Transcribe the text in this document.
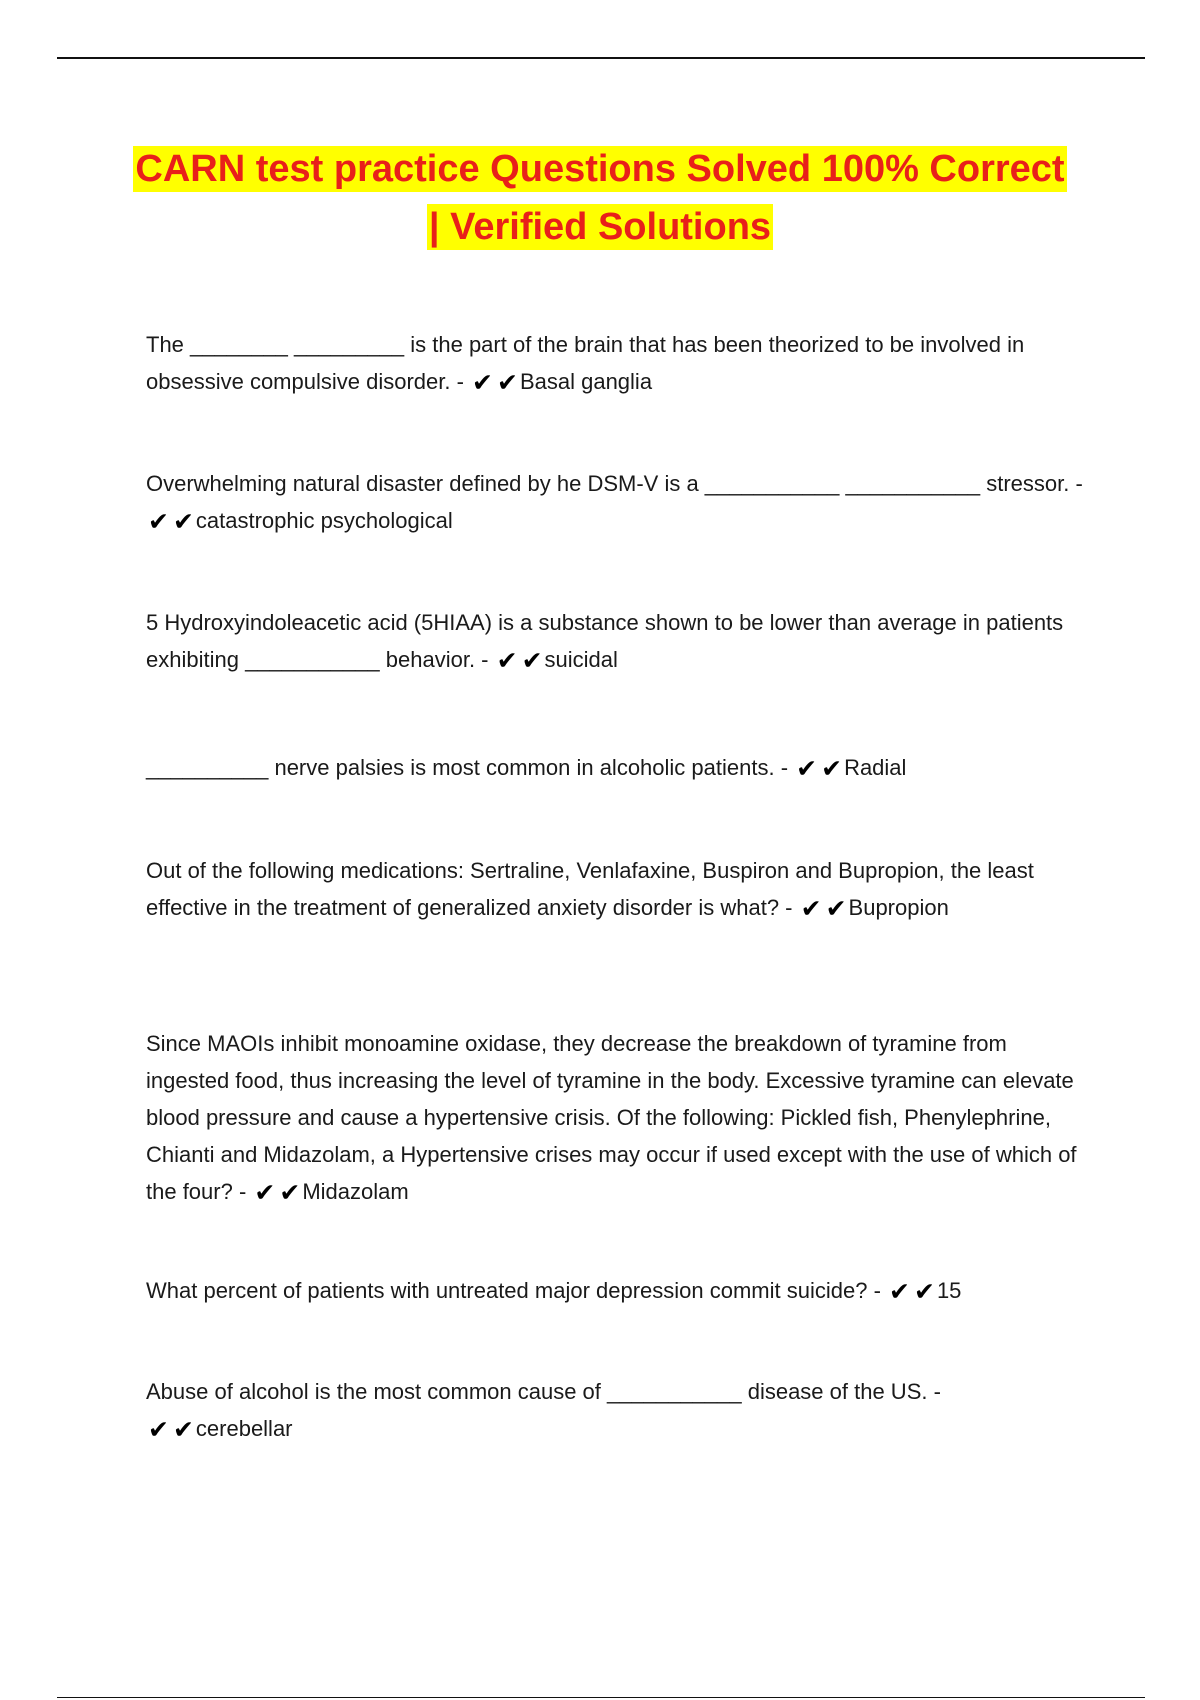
CARN test practice Questions Solved 100% Correct
| Verified Solutions

The ________ _________ is the part of the brain that has been theorized to be involved in obsessive compulsive disorder. - ✔ ✔Basal ganglia

Overwhelming natural disaster defined by he DSM-V is a ___________ ___________ stressor. - ✔ ✔catastrophic psychological

5 Hydroxyindoleacetic acid (5HIAA) is a substance shown to be lower than average in patients exhibiting ___________ behavior. - ✔ ✔suicidal

__________ nerve palsies is most common in alcoholic patients. - ✔ ✔Radial

Out of the following medications: Sertraline, Venlafaxine, Buspiron and Bupropion, the least effective in the treatment of generalized anxiety disorder is what? - ✔ ✔Bupropion

Since MAOIs inhibit monoamine oxidase, they decrease the breakdown of tyramine from ingested food, thus increasing the level of tyramine in the body. Excessive tyramine can elevate blood pressure and cause a hypertensive crisis. Of the following: Pickled fish, Phenylephrine, Chianti and Midazolam, a Hypertensive crises may occur if used except with the use of which of the four? - ✔ ✔Midazolam

What percent of patients with untreated major depression commit suicide? - ✔ ✔15

Abuse of alcohol is the most common cause of ___________ disease of the US. - ✔ ✔cerebellar
